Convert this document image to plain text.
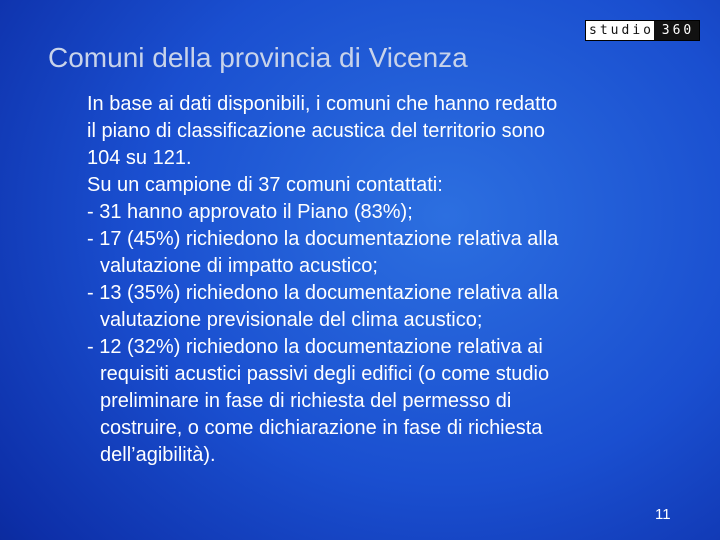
studio 360
Comuni della provincia di Vicenza
In base ai dati disponibili, i comuni che hanno redatto
il piano di classificazione acustica del territorio sono
104 su 121.
Su un campione di 37 comuni contattati:
- 31 hanno approvato il Piano (83%);
- 17 (45%) richiedono la documentazione relativa alla
valutazione di impatto acustico;
- 13 (35%) richiedono la documentazione relativa alla
valutazione previsionale del clima acustico;
- 12 (32%) richiedono la documentazione relativa ai
requisiti acustici passivi degli edifici (o come studio
preliminare in fase di richiesta del permesso di
costruire, o come dichiarazione in fase di richiesta
dell’agibilità).
11
